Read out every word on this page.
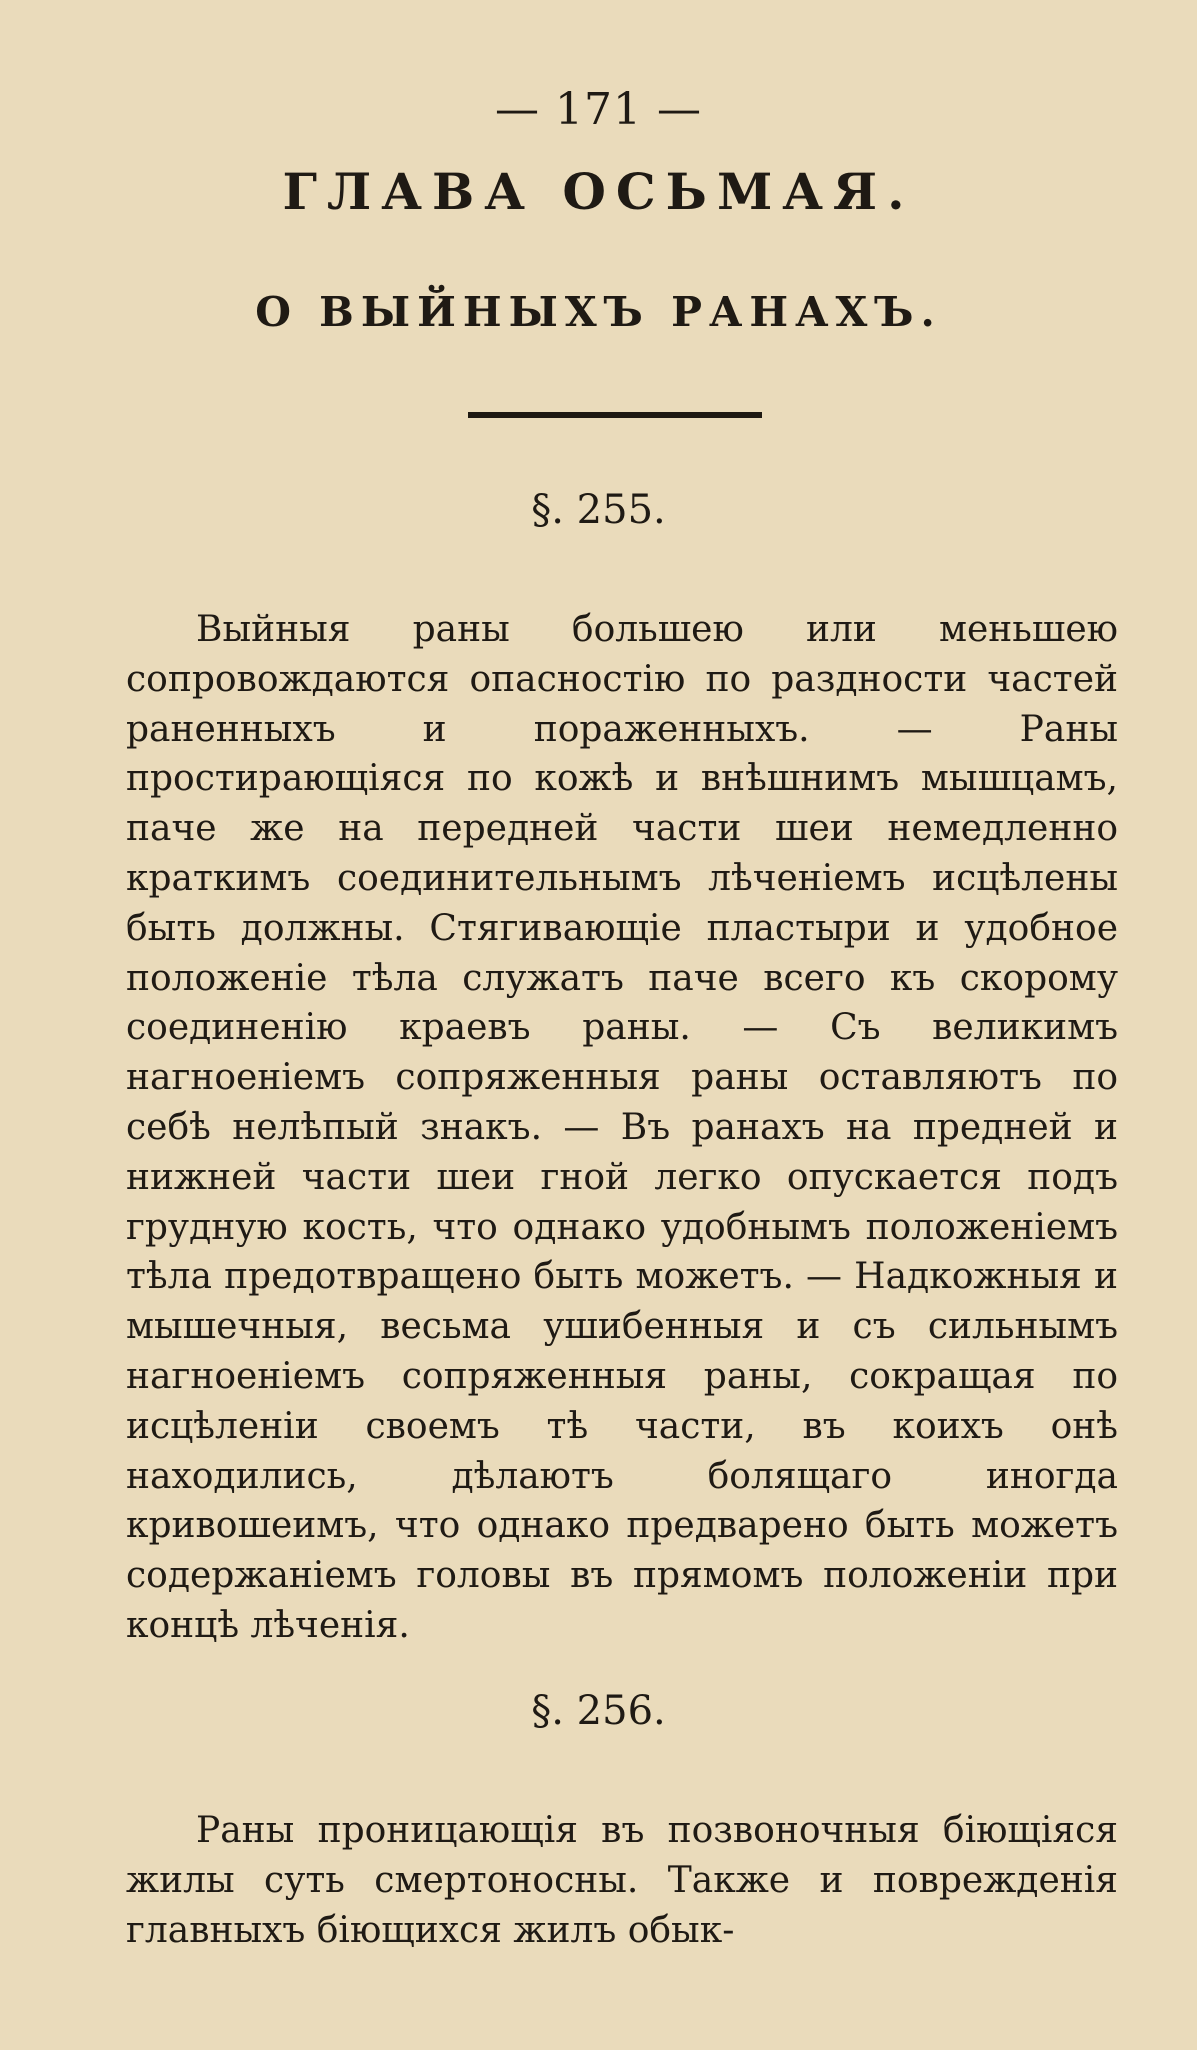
— 171 —
ГЛАВА ОСЬМАЯ.
О ВЫЙНЫХЪ РАНАХЪ.
§. 255.

Выйныя раны большею или меньшею сопровождаются опасностію по раздности частей раненныхъ и пораженныхъ. — Раны простирающіяся по кожѣ и внѣшнимъ мышцамъ, паче же на передней части шеи немедленно краткимъ соединительнымъ лѣченіемъ исцѣлены быть должны. Стягивающіе пластыри и удобное положеніе тѣла служатъ паче всего къ скорому соединенію краевъ раны. — Съ великимъ нагноеніемъ сопряженныя раны оставляютъ по себѣ нелѣпый знакъ. — Въ ранахъ на предней и нижней части шеи гной легко опускается подъ грудную кость, что однако удобнымъ положеніемъ тѣла предотвращено быть можетъ. — Надкожныя и мышечныя, весьма ушибенныя и съ сильнымъ нагноеніемъ сопряженныя раны, сокращая по исцѣленіи своемъ тѣ части, въ коихъ онѣ находились, дѣлаютъ болящаго иногда кривошеимъ, что однако предварено быть можетъ содержаніемъ головы въ прямомъ положеніи при концѣ лѣченія.

§. 256.

Раны проницающія въ позвоночныя біющіяся жилы суть смертоносны. Также и поврежденія главныхъ біющихся жилъ обык-
